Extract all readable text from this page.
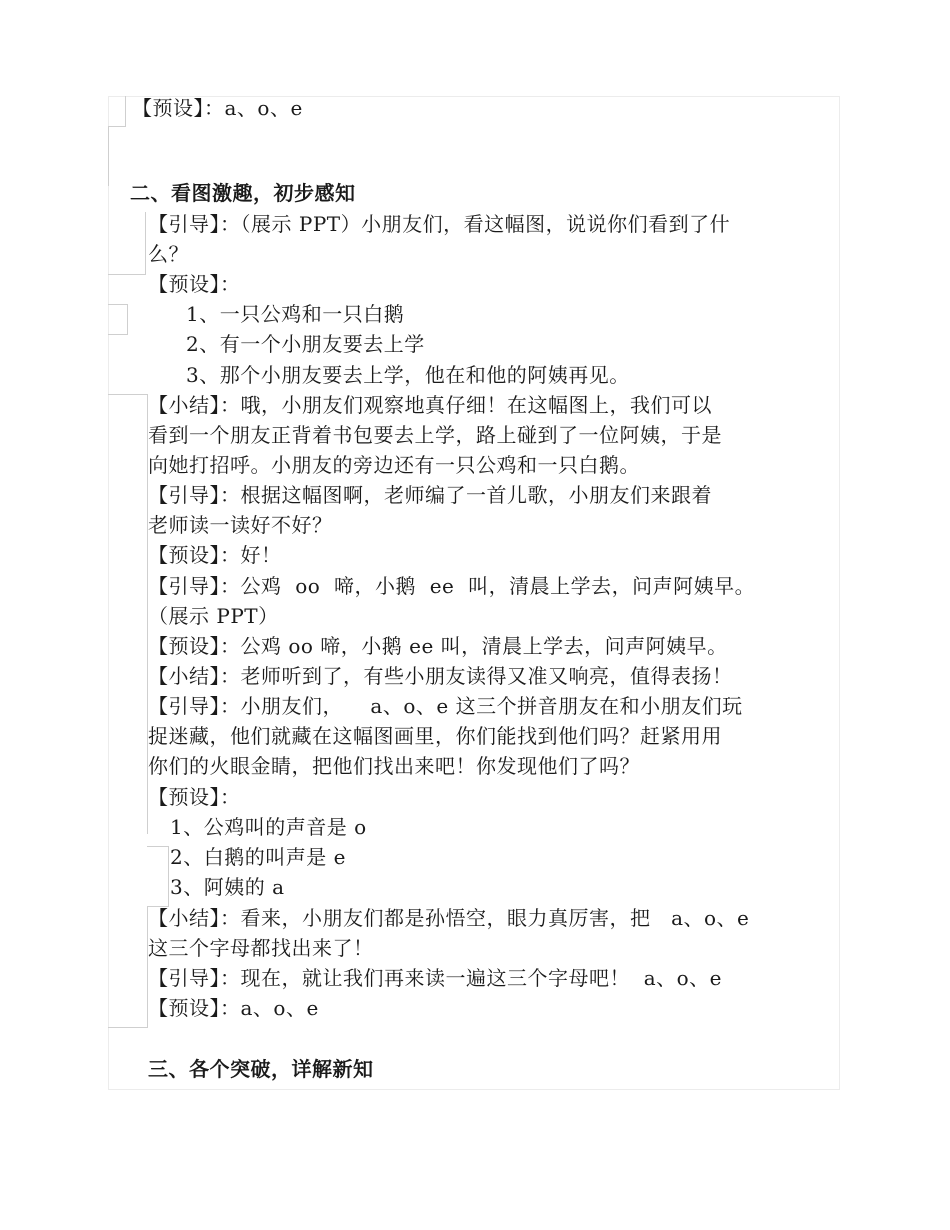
【预设】：a、o、e
二、看图激趣，初步感知
【引导】：（展示 PPT）小朋友们，看这幅图，说说你们看到了什
么？
【预设】：
1、一只公鸡和一只白鹅
2、有一个小朋友要去上学
3、那个小朋友要去上学，他在和他的阿姨再见。
【小结】：哦，小朋友们观察地真仔细！在这幅图上，我们可以
看到一个朋友正背着书包要去上学，路上碰到了一位阿姨，于是
向她打招呼。小朋友的旁边还有一只公鸡和一只白鹅。
【引导】：根据这幅图啊，老师编了一首儿歌，小朋友们来跟着
老师读一读好不好？
【预设】：好！
【引导】：公鸡  oo  啼，小鹅  ee  叫，清晨上学去，问声阿姨早。
（展示 PPT）
【预设】：公鸡 oo 啼，小鹅 ee 叫，清晨上学去，问声阿姨早。
【小结】：老师听到了，有些小朋友读得又准又响亮，值得表扬！
【引导】：小朋友们，    a、o、e 这三个拼音朋友在和小朋友们玩
捉迷藏，他们就藏在这幅图画里，你们能找到他们吗？赶紧用用
你们的火眼金睛，把他们找出来吧！你发现他们了吗？
【预设】：
1、公鸡叫的声音是 o
2、白鹅的叫声是 e
3、阿姨的 a
【小结】：看来，小朋友们都是孙悟空，眼力真厉害，把   a、o、e
这三个字母都找出来了！
【引导】：现在，就让我们再来读一遍这三个字母吧！  a、o、e
【预设】：a、o、e
三、各个突破，详解新知
